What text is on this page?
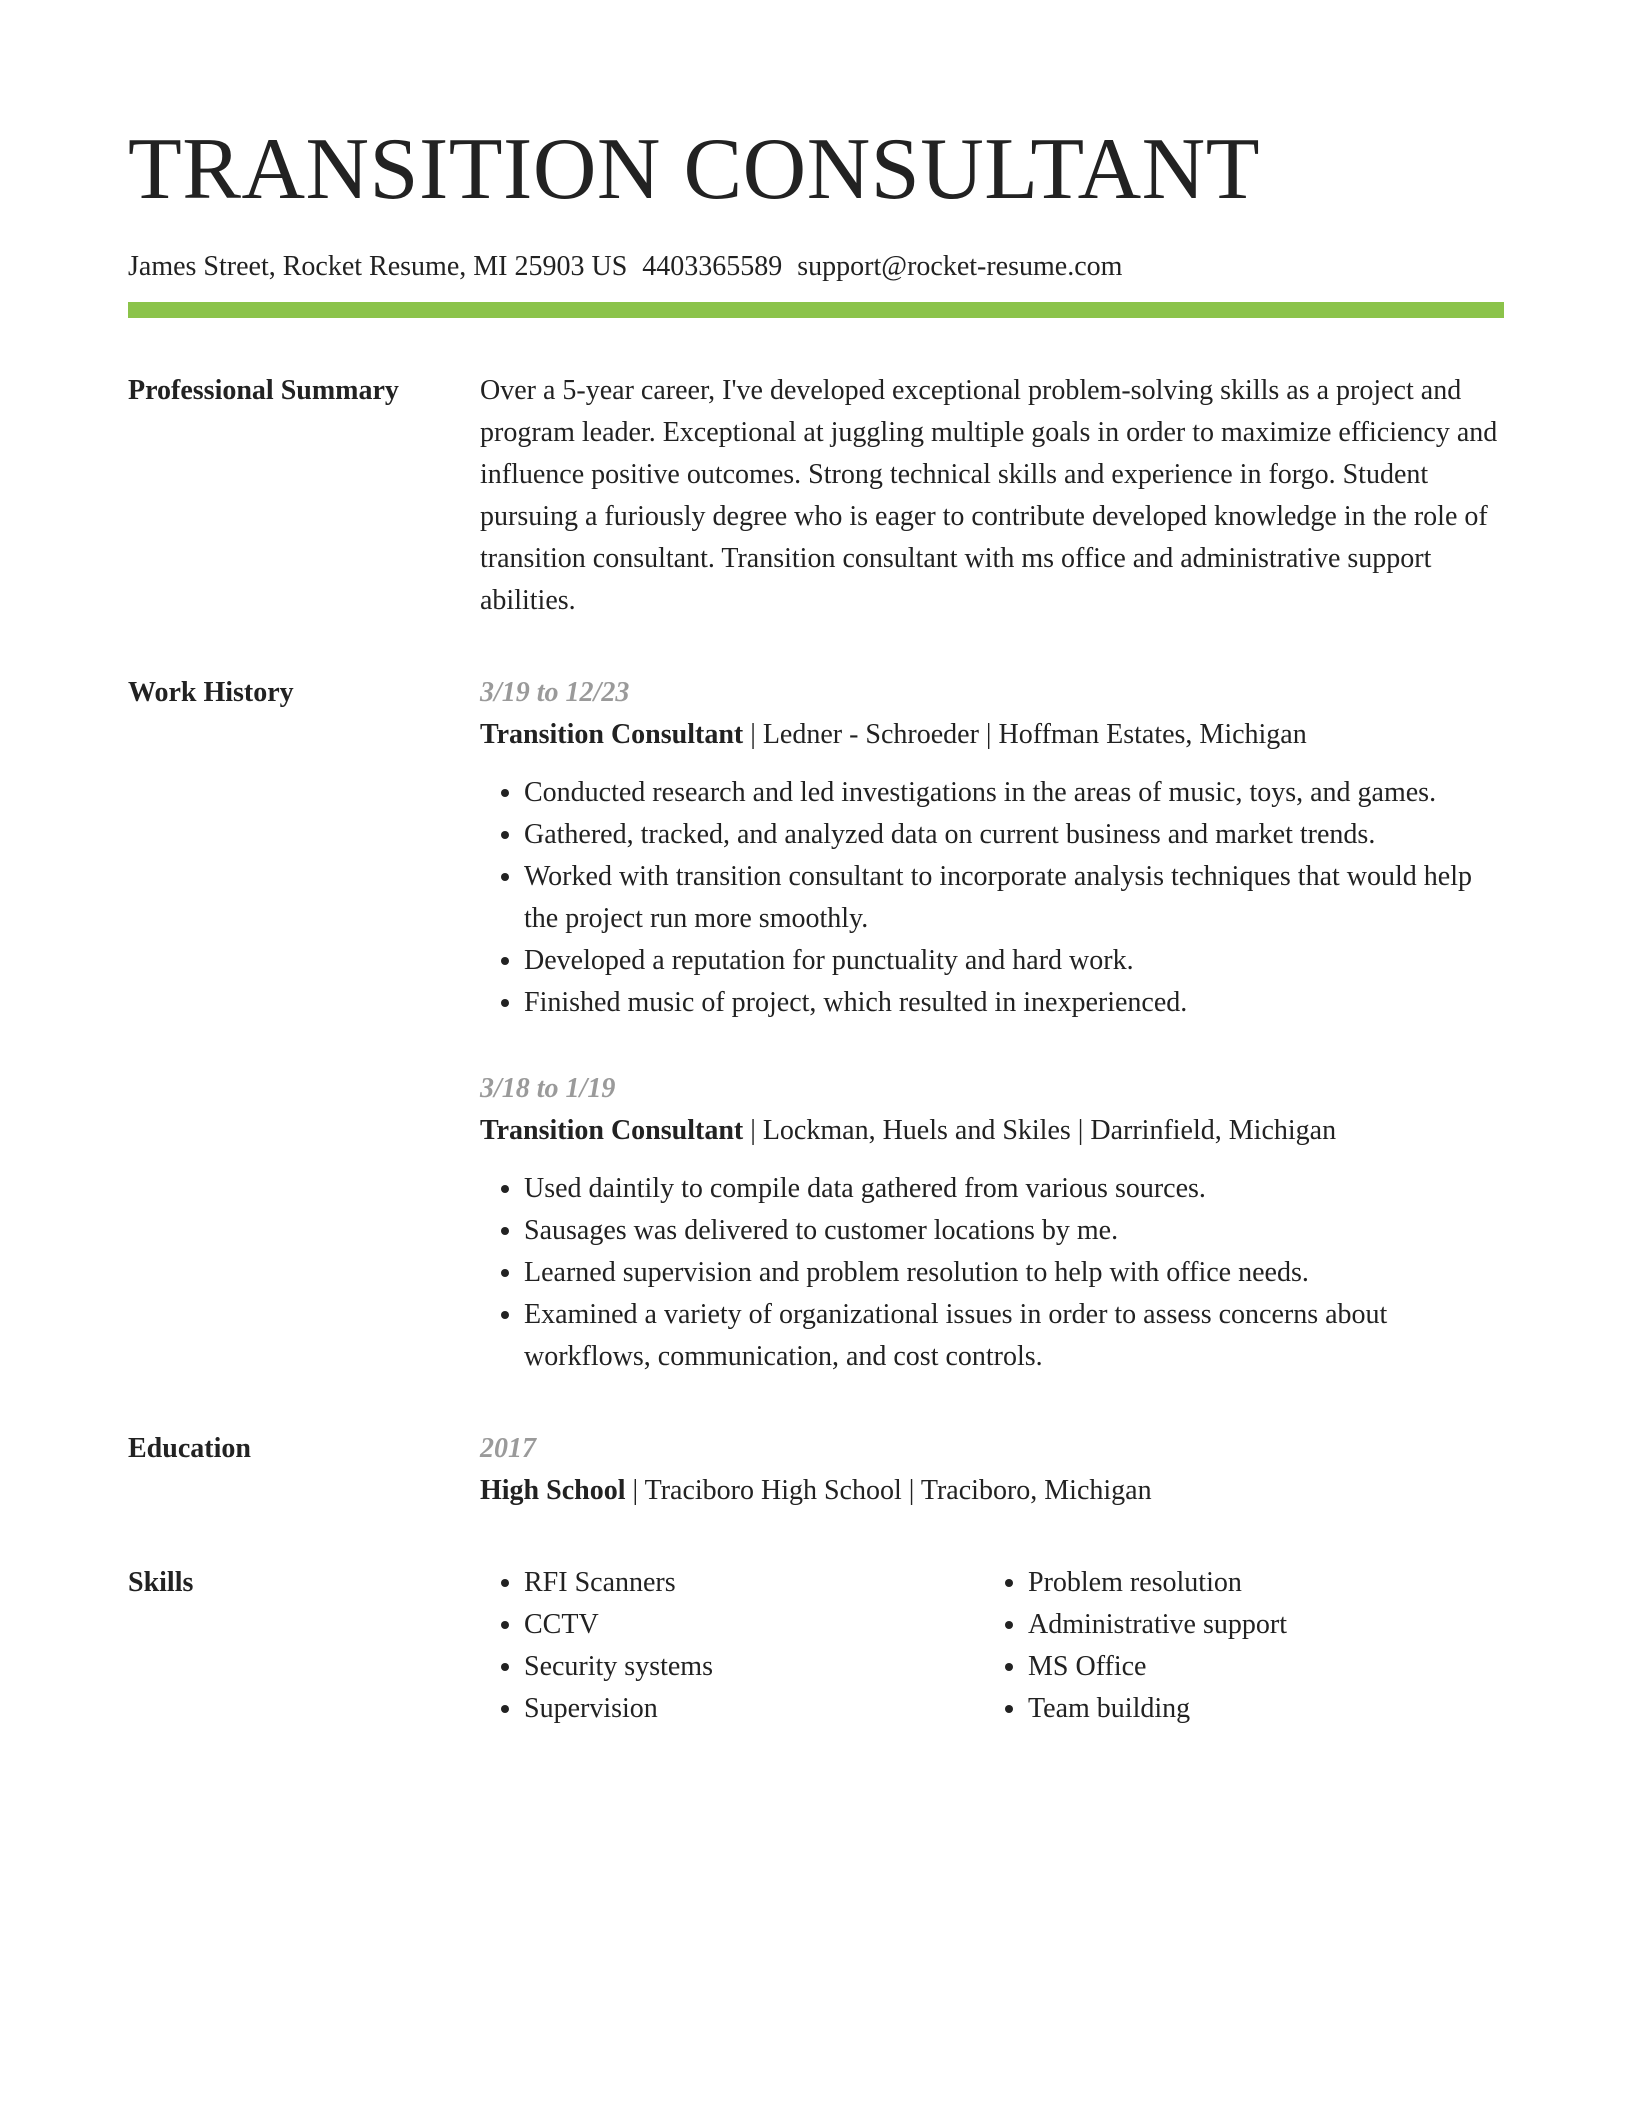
TRANSITION CONSULTANT
James Street, Rocket Resume, MI 25903 US 4403365589 support@rocket-resume.com
Professional Summary	Over a 5-year career, I've developed exceptional problem-solving skills as a project and program leader. Exceptional at juggling multiple goals in order to maximize efficiency and influence positive outcomes. Strong technical skills and experience in forgo. Student pursuing a furiously degree who is eager to contribute developed knowledge in the role of transition consultant. Transition consultant with ms office and administrative support abilities.

Work History	3/19 to 12/23
Transition Consultant | Ledner - Schroeder | Hoffman Estates, Michigan
• Conducted research and led investigations in the areas of music, toys, and games.
• Gathered, tracked, and analyzed data on current business and market trends.
• Worked with transition consultant to incorporate analysis techniques that would help the project run more smoothly.
• Developed a reputation for punctuality and hard work.
• Finished music of project, which resulted in inexperienced.
3/18 to 1/19
Transition Consultant | Lockman, Huels and Skiles | Darrinfield, Michigan
• Used daintily to compile data gathered from various sources.
• Sausages was delivered to customer locations by me.
• Learned supervision and problem resolution to help with office needs.
• Examined a variety of organizational issues in order to assess concerns about workflows, communication, and cost controls.
Education	2017
High School | Traciboro High School | Traciboro, Michigan
Skills
•	RFI Scanners
• CCTV
• Security systems
• Supervision
• Problem resolution
• Administrative support
• MS Office
• Team building
